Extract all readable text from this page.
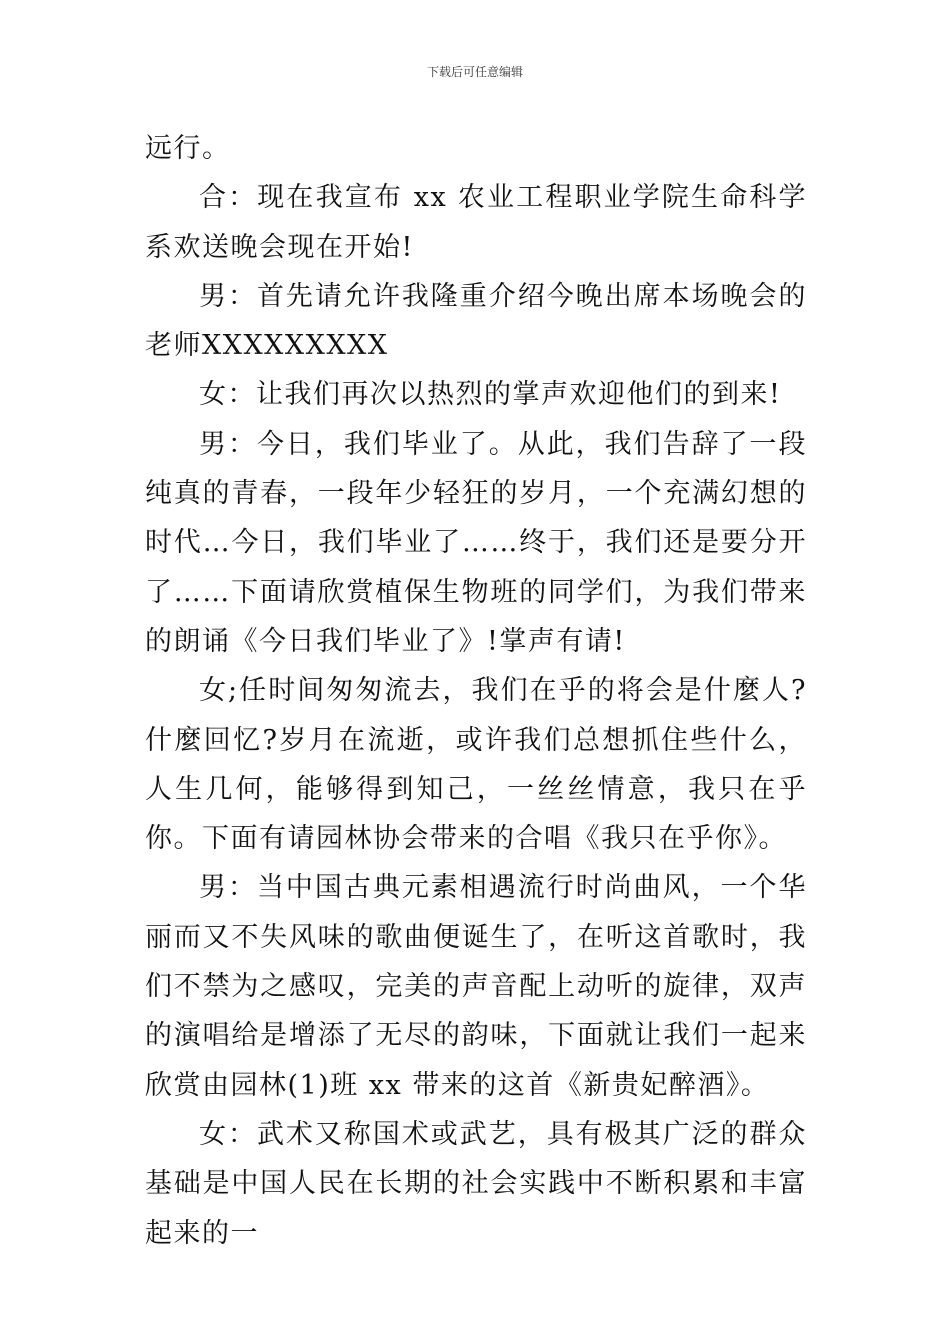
下载后可任意编辑

远行。

合：现在我宣布 xx 农业工程职业学院生命科学系欢送晚会现在开始!

男：首先请允许我隆重介绍今晚出席本场晚会的老师XXXXXXXXX

女：让我们再次以热烈的掌声欢迎他们的到来!

男：今日，我们毕业了。从此，我们告辞了一段纯真的青春，一段年少轻狂的岁月，一个充满幻想的时代…今日，我们毕业了……终于，我们还是要分开了……下面请欣赏植保生物班的同学们，为我们带来的朗诵《今日我们毕业了》!掌声有请!

女;任时间匆匆流去，我们在乎的将会是什麼人?什麼回忆?岁月在流逝，或许我们总想抓住些什么，人生几何，能够得到知己，一丝丝情意，我只在乎你。下面有请园林协会带来的合唱《我只在乎你》。

男：当中国古典元素相遇流行时尚曲风，一个华丽而又不失风味的歌曲便诞生了，在听这首歌时，我们不禁为之感叹，完美的声音配上动听的旋律，双声的演唱给是增添了无尽的韵味，下面就让我们一起来欣赏由园林(1)班 xx 带来的这首《新贵妃醉酒》。

女：武术又称国术或武艺，具有极其广泛的群众基础是中国人民在长期的社会实践中不断积累和丰富起来的一
